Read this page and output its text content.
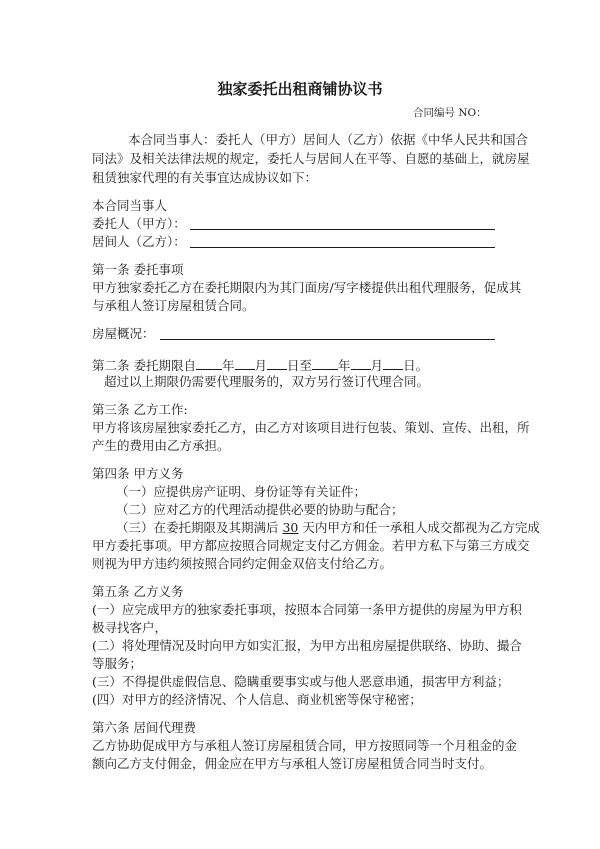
独家委托出租商铺协议书
合同编号 NO：
本合同当事人：委托人（甲方）居间人（乙方）依据《中华人民共和国合
同法》及相关法律法规的规定，委托人与居间人在平等、自愿的基础上，就房屋
租赁独家代理的有关事宜达成协议如下：
本合同当事人
委托人（甲方）：
居间人（乙方）：
第一条 委托事项
甲方独家委托乙方在委托期限内为其门面房/写字楼提供出租代理服务，促成其
与承租人签订房屋租赁合同。
房屋概况：
第二条 委托期限自 年 月 日至 年 月 日。
超过以上期限仍需要代理服务的，双方另行签订代理合同。
第三条 乙方工作:
甲方将该房屋独家委托乙方，由乙方对该项目进行包装、策划、宣传、出租，所
产生的费用由乙方承担。
第四条 甲方义务
（一）应提供房产证明、身份证等有关证件；
（二）应对乙方的代理活动提供必要的协助与配合；
（三）在委托期限及其期满后 30 天内甲方和任一承租人成交都视为乙方完成
甲方委托事项。甲方都应按照合同规定支付乙方佣金。若甲方私下与第三方成交
则视为甲方违约须按照合同约定佣金双倍支付给乙方。
第五条 乙方义务
(一）应完成甲方的独家委托事项，按照本合同第一条甲方提供的房屋为甲方积
极寻找客户，
(二）将处理情况及时向甲方如实汇报，为甲方出租房屋提供联络、协助、撮合
等服务；
(三）不得提供虚假信息、隐瞒重要事实或与他人恶意串通，损害甲方利益；
(四）对甲方的经济情况、个人信息、商业机密等保守秘密；
第六条 居间代理费
乙方协助促成甲方与承租人签订房屋租赁合同，甲方按照同等一个月租金的金
额向乙方支付佣金，佣金应在甲方与承租人签订房屋租赁合同当时支付。
